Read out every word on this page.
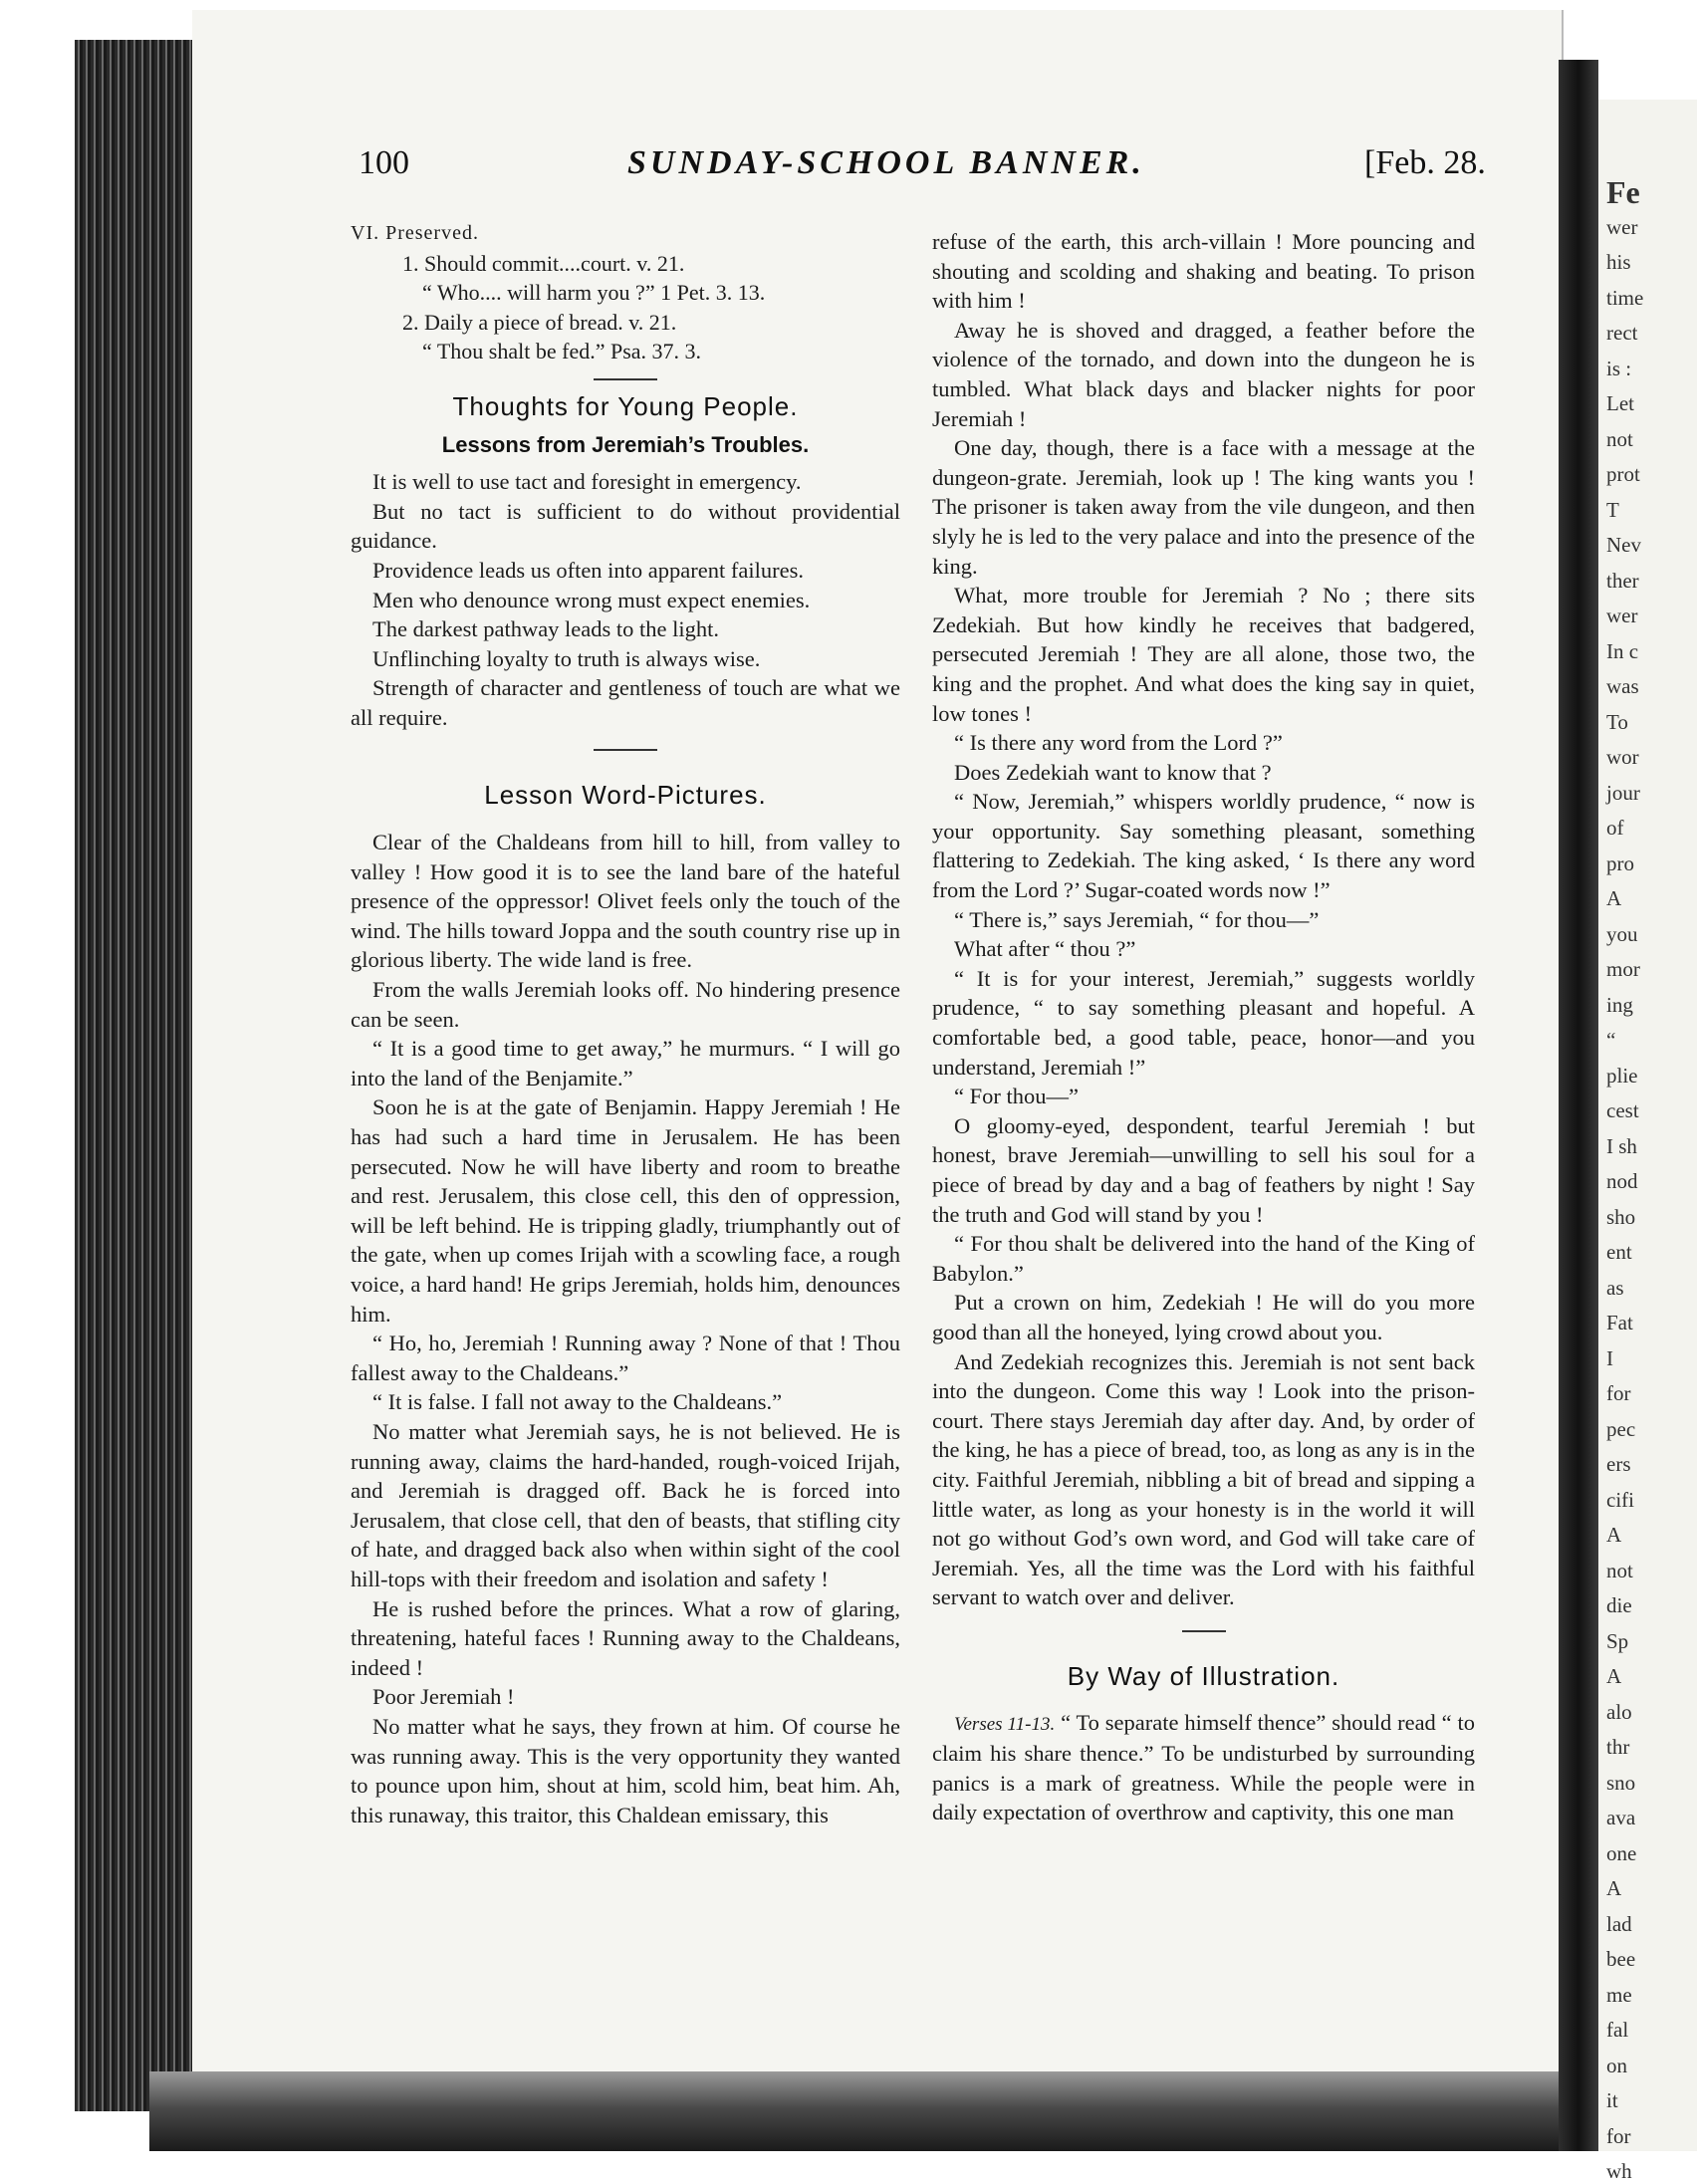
Fe
wer
his
time
rect
is :
Let
not
prot
T
Nev
ther
wer
In c
was
To
wor
jour
of
pro
A
you
mor
ing
“
plie
cest
I sh
nod
sho
ent
as
Fat
I
for
pec
ers
cifi
A
not
die
Sp
A
alo
thr
sno
ava
one
A
lad
bee
me
fal
on
it
for
wh
100	SUNDAY-SCHOOL BANNER.	[Feb. 28.

VI. Preserved.

1. Should commit....court. v. 21.

“ Who.... will harm you ?” 1 Pet. 3. 13.

2. Daily a piece of bread. v. 21.

“ Thou shalt be fed.” Psa. 37. 3.

Thoughts for Young People.
Lessons from Jeremiah’s Troubles.

It is well to use tact and foresight in emergency.

But no tact is sufficient to do without providential guidance.

Providence leads us often into apparent failures.

Men who denounce wrong must expect enemies.

The darkest pathway leads to the light.

Unflinching loyalty to truth is always wise.

Strength of character and gentleness of touch are what we all require.

Lesson Word-Pictures.

Clear of the Chaldeans from hill to hill, from valley to valley ! How good it is to see the land bare of the hateful presence of the oppressor! Olivet feels only the touch of the wind. The hills toward Joppa and the south country rise up in glorious liberty. The wide land is free.

From the walls Jeremiah looks off. No hindering presence can be seen.

“ It is a good time to get away,” he murmurs. “ I will go into the land of the Benjamite.”

Soon he is at the gate of Benjamin. Happy Jeremiah ! He has had such a hard time in Jerusalem. He has been persecuted. Now he will have liberty and room to breathe and rest. Jerusalem, this close cell, this den of oppression, will be left behind. He is tripping gladly, triumphantly out of the gate, when up comes Irijah with a scowling face, a rough voice, a hard hand! He grips Jeremiah, holds him, denounces him.

“ Ho, ho, Jeremiah ! Running away ? None of that ! Thou fallest away to the Chaldeans.”

“ It is false. I fall not away to the Chaldeans.”

No matter what Jeremiah says, he is not believed. He is running away, claims the hard-handed, rough-voiced Irijah, and Jeremiah is dragged off. Back he is forced into Jerusalem, that close cell, that den of beasts, that stifling city of hate, and dragged back also when within sight of the cool hill-tops with their freedom and isolation and safety !

He is rushed before the princes. What a row of glaring, threatening, hateful faces ! Running away to the Chaldeans, indeed !

Poor Jeremiah !

No matter what he says, they frown at him. Of course he was running away. This is the very opportunity they wanted to pounce upon him, shout at him, scold him, beat him. Ah, this runaway, this traitor, this Chaldean emissary, this

refuse of the earth, this arch-villain ! More pouncing and shouting and scolding and shaking and beating. To prison with him !

Away he is shoved and dragged, a feather before the violence of the tornado, and down into the dungeon he is tumbled. What black days and blacker nights for poor Jeremiah !

One day, though, there is a face with a message at the dungeon-grate. Jeremiah, look up ! The king wants you ! The prisoner is taken away from the vile dungeon, and then slyly he is led to the very palace and into the presence of the king.

What, more trouble for Jeremiah ? No ; there sits Zedekiah. But how kindly he receives that badgered, persecuted Jeremiah ! They are all alone, those two, the king and the prophet. And what does the king say in quiet, low tones !

“ Is there any word from the Lord ?”

Does Zedekiah want to know that ?

“ Now, Jeremiah,” whispers worldly prudence, “ now is your opportunity. Say something pleasant, something flattering to Zedekiah. The king asked, ‘ Is there any word from the Lord ?’ Sugar-coated words now !”

“ There is,” says Jeremiah, “ for thou—”

What after “ thou ?”

“ It is for your interest, Jeremiah,” suggests worldly prudence, “ to say something pleasant and hopeful. A comfortable bed, a good table, peace, honor—and you understand, Jeremiah !”

“ For thou—”

O gloomy-eyed, despondent, tearful Jeremiah ! but honest, brave Jeremiah—unwilling to sell his soul for a piece of bread by day and a bag of feathers by night ! Say the truth and God will stand by you !

“ For thou shalt be delivered into the hand of the King of Babylon.”

Put a crown on him, Zedekiah ! He will do you more good than all the honeyed, lying crowd about you.

And Zedekiah recognizes this. Jeremiah is not sent back into the dungeon. Come this way ! Look into the prison-court. There stays Jeremiah day after day. And, by order of the king, he has a piece of bread, too, as long as any is in the city. Faithful Jeremiah, nibbling a bit of bread and sipping a little water, as long as your honesty is in the world it will not go without God’s own word, and God will take care of Jeremiah. Yes, all the time was the Lord with his faithful servant to watch over and deliver.

By Way of Illustration.

Verses 11-13. “ To separate himself thence” should read “ to claim his share thence.” To be undisturbed by surrounding panics is a mark of greatness. While the people were in daily expectation of overthrow and captivity, this one man
